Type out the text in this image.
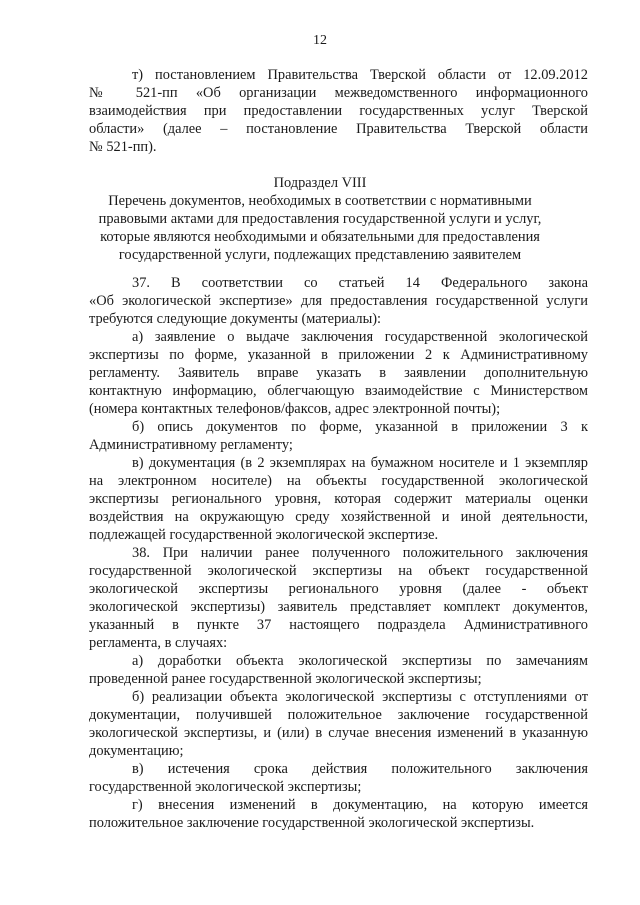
12
т) постановлением Правительства Тверской области от 12.09.2012
№ 521-пп «Об организации межведомственного информационного
взаимодействия при предоставлении государственных услуг Тверской
области» (далее – постановление Правительства Тверской области
№ 521-пп).
Подраздел VIII
Перечень документов, необходимых в соответствии с нормативными
правовыми актами для предоставления государственной услуги и услуг,
которые являются необходимыми и обязательными для предоставления
государственной услуги, подлежащих представлению заявителем
37. В соответствии со статьей 14 Федерального закона
«Об экологической экспертизе» для предоставления государственной услуги
требуются следующие документы (материалы):
а) заявление о выдаче заключения государственной экологической
экспертизы по форме, указанной в приложении 2 к Административному
регламенту. Заявитель вправе указать в заявлении дополнительную
контактную информацию, облегчающую взаимодействие с Министерством
(номера контактных телефонов/факсов, адрес электронной почты);
б) опись документов по форме, указанной в приложении 3 к
Административному регламенту;
в) документация (в 2 экземплярах на бумажном носителе и 1 экземпляр
на электронном носителе) на объекты государственной экологической
экспертизы регионального уровня, которая содержит материалы оценки
воздействия на окружающую среду хозяйственной и иной деятельности,
подлежащей государственной экологической экспертизе.
38. При наличии ранее полученного положительного заключения
государственной экологической экспертизы на объект государственной
экологической экспертизы регионального уровня (далее - объект
экологической экспертизы) заявитель представляет комплект документов,
указанный в пункте 37 настоящего подраздела Административного
регламента, в случаях:
а) доработки объекта экологической экспертизы по замечаниям
проведенной ранее государственной экологической экспертизы;
б) реализации объекта экологической экспертизы с отступлениями от
документации, получившей положительное заключение государственной
экологической экспертизы, и (или) в случае внесения изменений в указанную
документацию;
в) истечения срока действия положительного заключения
государственной экологической экспертизы;
г) внесения изменений в документацию, на которую имеется
положительное заключение государственной экологической экспертизы.
